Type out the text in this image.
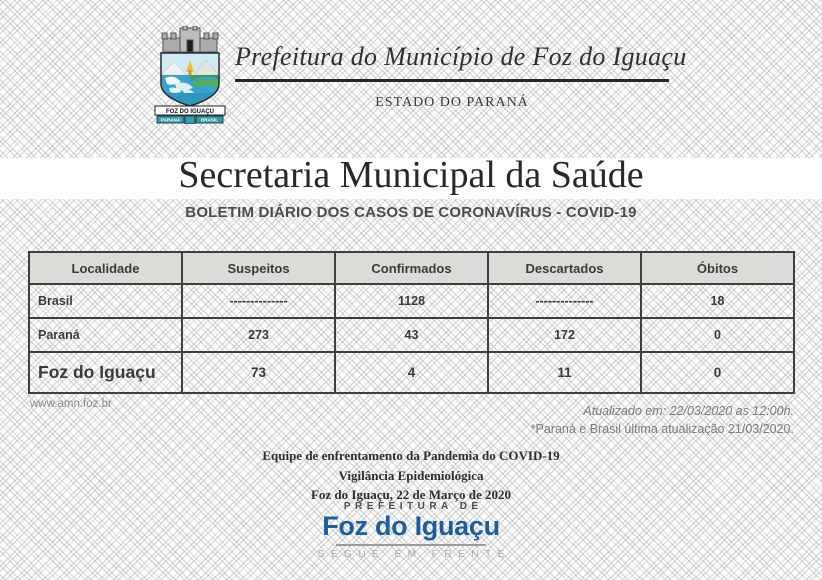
FOZ DO IGUAÇU
PARANÁ	BRASIL
Prefeitura do Município de Foz do Iguaçu
ESTADO DO PARANÁ
Secretaria Municipal da Saúde
BOLETIM DIÁRIO DOS CASOS DE CORONAVÍRUS - COVID-19
Localidade	Suspeitos	Confirmados	Descartados	Óbitos
Brasil	--------------	1128	--------------	18
Paraná	273	43	172	0
Foz do Iguaçu	73	4	11	0
www.amn.foz.br	Atualizado em: 22/03/2020 as 12:00h.
*Paraná e Brasil última atualização 21/03/2020.
Equipe de enfrentamento da Pandemia do COVID-19
Vigilância Epidemiológica
Foz do Iguaçu, 22 de Março de 2020
PREFEITURA DE
Foz do Iguaçu
SEGUE EM FRENTE
